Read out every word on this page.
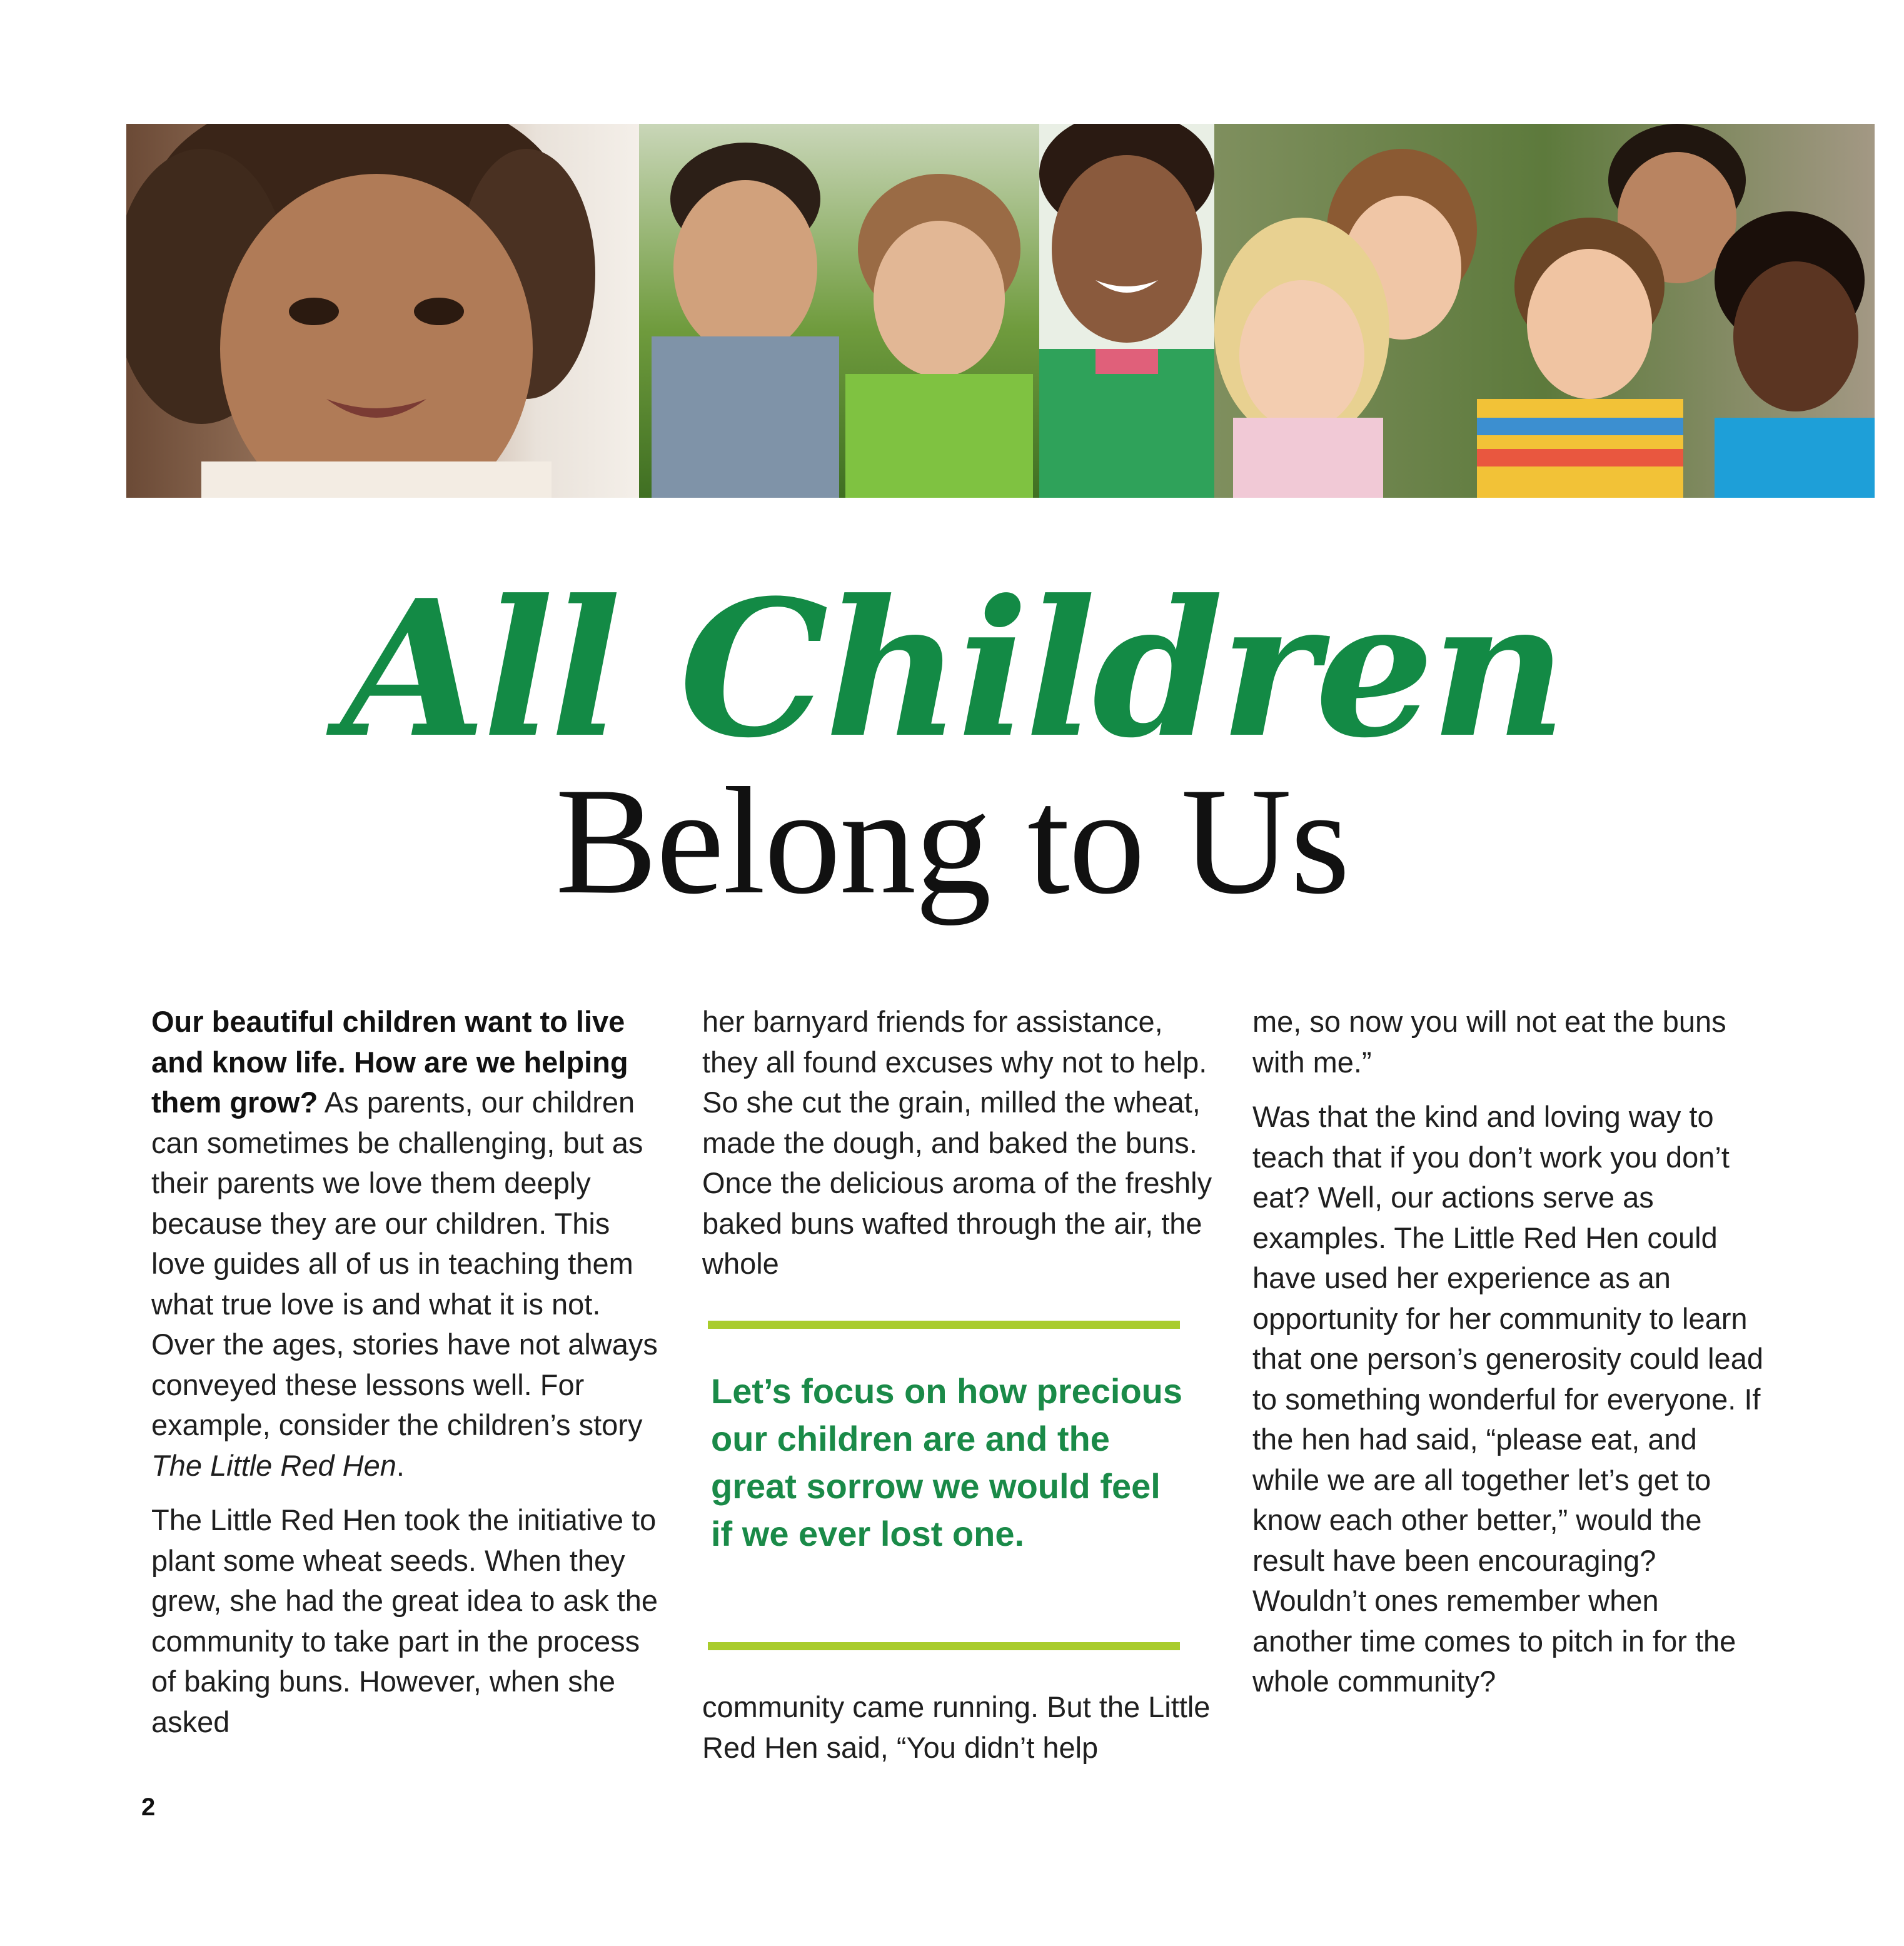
All Children
Belong to Us

Our beautiful children want to live and know life. How are we helping them grow? As parents, our children can sometimes be challenging, but as their parents we love them deeply because they are our children. This love guides all of us in teaching them what true love is and what it is not. Over the ages, stories have not always conveyed these lessons well. For example, consider the children’s story The Little Red Hen.

The Little Red Hen took the initiative to plant some wheat seeds. When they grew, she had the great idea to ask the community to take part in the process of baking buns. However, when she asked

her barnyard friends for assistance, they all found excuses why not to help. So she cut the grain, milled the wheat, made the dough, and baked the buns. Once the delicious aroma of the freshly baked buns wafted through the air, the whole

Let’s focus on how precious our children are and the great sorrow we would feel if we ever lost one.

community came running. But the Little Red Hen said, “You didn’t help

me, so now you will not eat the buns with me.”

Was that the kind and loving way to teach that if you don’t work you don’t eat? Well, our actions serve as examples. The Little Red Hen could have used her experience as an opportunity for her community to learn that one person’s generosity could lead to something wonderful for everyone. If the hen had said, “please eat, and while we are all together let’s get to know each other better,” would the result have been encouraging? Wouldn’t ones remember when another time comes to pitch in for the whole community?

2
